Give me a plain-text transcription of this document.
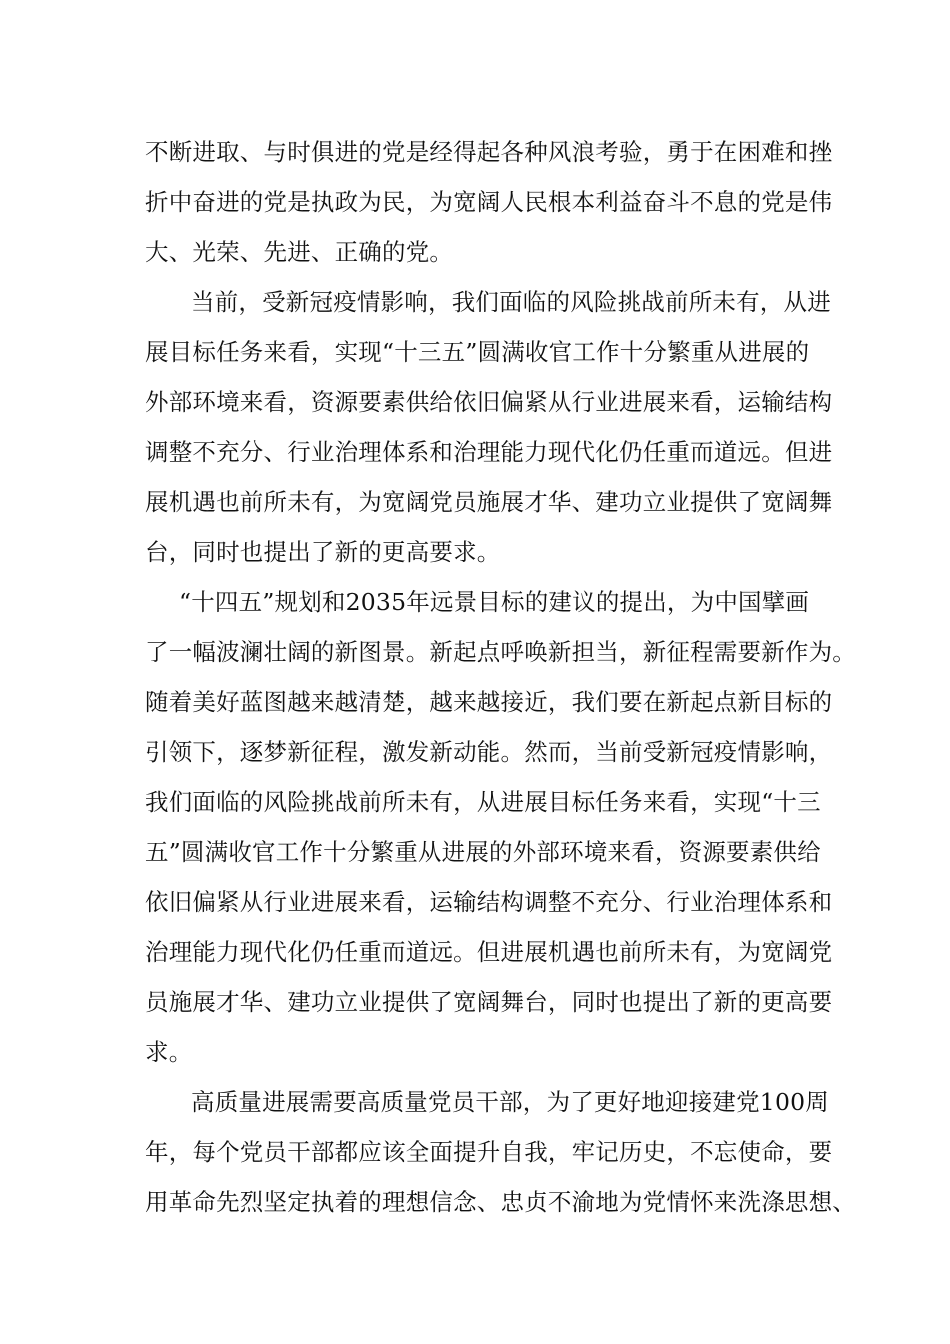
不断进取、与时俱进的党是经得起各种风浪考验，勇于在困难和挫
折中奋进的党是执政为民，为宽阔人民根本利益奋斗不息的党是伟
大、光荣、先进、正确的党。
当前，受新冠疫情影响，我们面临的风险挑战前所未有，从进
展目标任务来看，实现“十三五”圆满收官工作十分繁重从进展的
外部环境来看，资源要素供给依旧偏紧从行业进展来看，运输结构
调整不充分、行业治理体系和治理能力现代化仍任重而道远。但进
展机遇也前所未有，为宽阔党员施展才华、建功立业提供了宽阔舞
台，同时也提出了新的更高要求。
“十四五”规划和2035年远景目标的建议的提出，为中国擘画
了一幅波澜壮阔的新图景。新起点呼唤新担当，新征程需要新作为。
随着美好蓝图越来越清楚，越来越接近，我们要在新起点新目标的
引领下，逐梦新征程，激发新动能。然而，当前受新冠疫情影响，
我们面临的风险挑战前所未有，从进展目标任务来看，实现“十三
五”圆满收官工作十分繁重从进展的外部环境来看，资源要素供给
依旧偏紧从行业进展来看，运输结构调整不充分、行业治理体系和
治理能力现代化仍任重而道远。但进展机遇也前所未有，为宽阔党
员施展才华、建功立业提供了宽阔舞台，同时也提出了新的更高要
求。
高质量进展需要高质量党员干部，为了更好地迎接建党100周
年，每个党员干部都应该全面提升自我，牢记历史，不忘使命，要
用革命先烈坚定执着的理想信念、忠贞不渝地为党情怀来洗涤思想、
